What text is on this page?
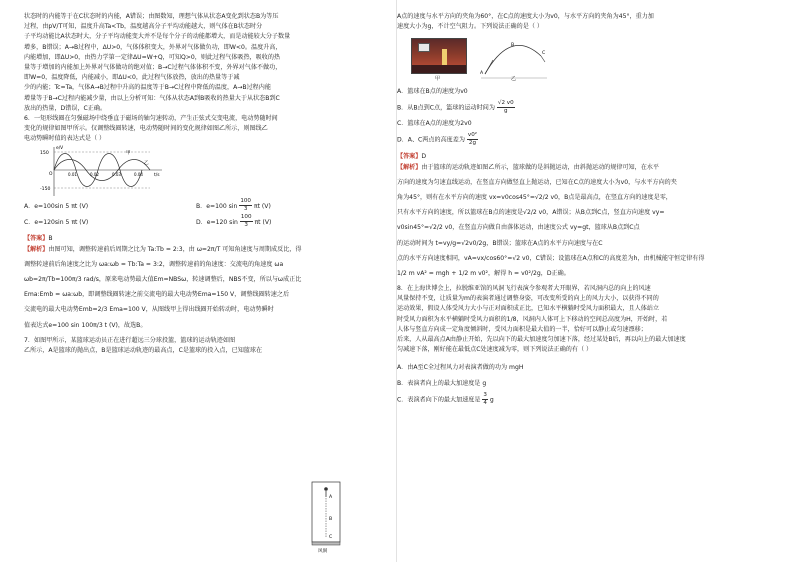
状态时的内能等于在C状态时的内能，A错误；由图数知，理想气体从状态A变化到状态B为等压
过程，由pV/T可知，温度升高Ta<Tb，温度越高分子平均动能越大，则气体在B状态时分
子平均动能比A状态时大，分子平均动能变大并不是每个分子的动能都增大，而是动能较大分子数量
增多，B错误；A→B过程中，ΔU>0，气体体积变大，外界对气体做负功，即W<0。温度升高，
内能增加，即ΔU>0，由热力学第一定律ΔU=W+Q，可知Q>0，则此过程气体吸热，吸收的热
量等于增加的内能加上外界对气体做功的绝对值；B→C过程气体体积不变，外界对气体不做功，
即W=0，温度降低，内能减小，即ΔU<0，此过程气体放热，放出的热量等于减
少的内能；Tc=Ta，气体A→B过程中升高的温度等于B→C过程中降低的温度，A→B过程内能
增量等于B→C过程内能减少量，由以上分析可知：气体从状态A到B吸收的热量大于从状态B到C
放出的热量，D错误，C正确。
6．一矩形线圈在匀强磁场中绕垂直于磁场的轴匀速转动，产生正弦式交变电流，电动势随时间
变化的规律如图甲所示。仅调整线圈转速，电动势随时间的变化规律如图乙所示，则图线乙
电动势瞬时值的表达式是（ ）
150
-150
e/V
O	0.01	0.02	0.03	0.04	t/s
甲
乙
A．e=100sin 5 πt (V)	B．e=100 $\sin \frac{100}{3}$ πt (V)
C．e=120sin 5 πt (V)	D．e=120 $\sin \frac{100}{3}$ πt (V)
【答案】B
【解析】由图可知，调整转速前后周期之比为 Ta:Tb = 2:3，由 ω=2π/T 可知角速度与周期成反比，得
调整转速前后角速度之比为 ωa:ωb = Tb:Ta = 3:2，调整转速前的角速度：交流电的角速度 ωa
ωb=2π/Tb=100π/3 rad/s，原来电动势最大值Em=NBSω，转速调整后，NBS不变，所以与ω成正比
Ema:Emb = ωa:ωb，即调整线圈转速之前交流电的最大电动势Ema=150 V，调整线圈转速之后
交流电的最大电动势Emb=2/3 Ema=100 V，从图线甲上得出线圈开始转动时，电动势瞬时
值表达式e=100 sin 100π/3 t (V)，故选B。
7．如图甲所示，某篮球运动员正在进行超远三分球投篮，篮球的运动轨迹如图
乙所示，A是篮球的抛出点，B是篮球运动轨迹的最高点，C是篮球的投入点，已知篮球在
A
B
C
风洞
A点的速度与水平方向的夹角为60°，在C点的速度大小为v0，与水平方向的夹角为45°，重力加
速度大小为g，不计空气阻力。下列说法正确的是（ ）
A
B
C
甲	乙
A．篮球在B点的速度为v0
B．从B点到C点，篮球的运动时间为 $\frac{√2 v0}{g}$
C．篮球在A点的速度为2v0
D．A、C两点的高度差为 $\frac{\text{v0²}}{2g}$
【答案】D
【解析】由于篮球的运动轨迹如图乙所示，篮球做的是斜抛运动，由斜抛运动的规律可知，在水平
方向的速度为匀速直线运动，在竖直方向做竖直上抛运动，已知在C点的速度大小为v0，与水平方向的夹
角为45°，则有在水平方向的速度 vx=v0cos45°=√2/2 v0，B点是最高点，在竖直方向的速度是零，
只有水平方向的速度，所以篮球在B点的速度是√2/2 v0，A错误；从B点到C点，竖直方向速度 vy=
v0sin45°=√2/2 v0，在竖直方向做自由落体运动，由速度公式 vy=gt，篮球从B点到C点
的运动时间为 t=vy/g=√2v0/2g，B错误；篮球在A点的水平方向速度与在C
点的水平方向速度相同，vA=vx/cos60°=√2 v0，C错误；设篮球在A点和C的高度差为h，由机械能守恒定律有得
1/2 m vA² = mgh + 1/2 m v0²，解得 h = v0²/2g，D正确。
8．在上海世博会上，拉脱维亚馆的风洞飞行表演令参观者大开眼界，若风洞内总的向上的风速
风量保持不变，让质量为m的表演者通过调整身姿，可改变所受的向上的风力大小，以获得不同的
运动效果，假设人体受风力大小与正对面积成正比，已知水平横躺时受风力面积最大，且人体站立
时受风力面积为水平横躺时受风力面积的1/8，风洞内人体可上下移动的空间总高度为H，开始时，若
人体与竖直方向成一定角度倾斜时，受风力面积是最大值的一半，恰好可以静止或匀速漂移；
后来，人从最高点A由静止开始，先以向下的最大加速度匀加速下落，经过某处B后，再以向上的最大加速度
匀减速下落，刚好能在最低点C处速度减为零，则下列说法正确的有（ ）
A．由A至C全过程风力对表演者做的功为 mgH
B．表演者向上的最大加速度是 g
C．表演者向下的最大加速度是 $\frac{3}{4}$ g
